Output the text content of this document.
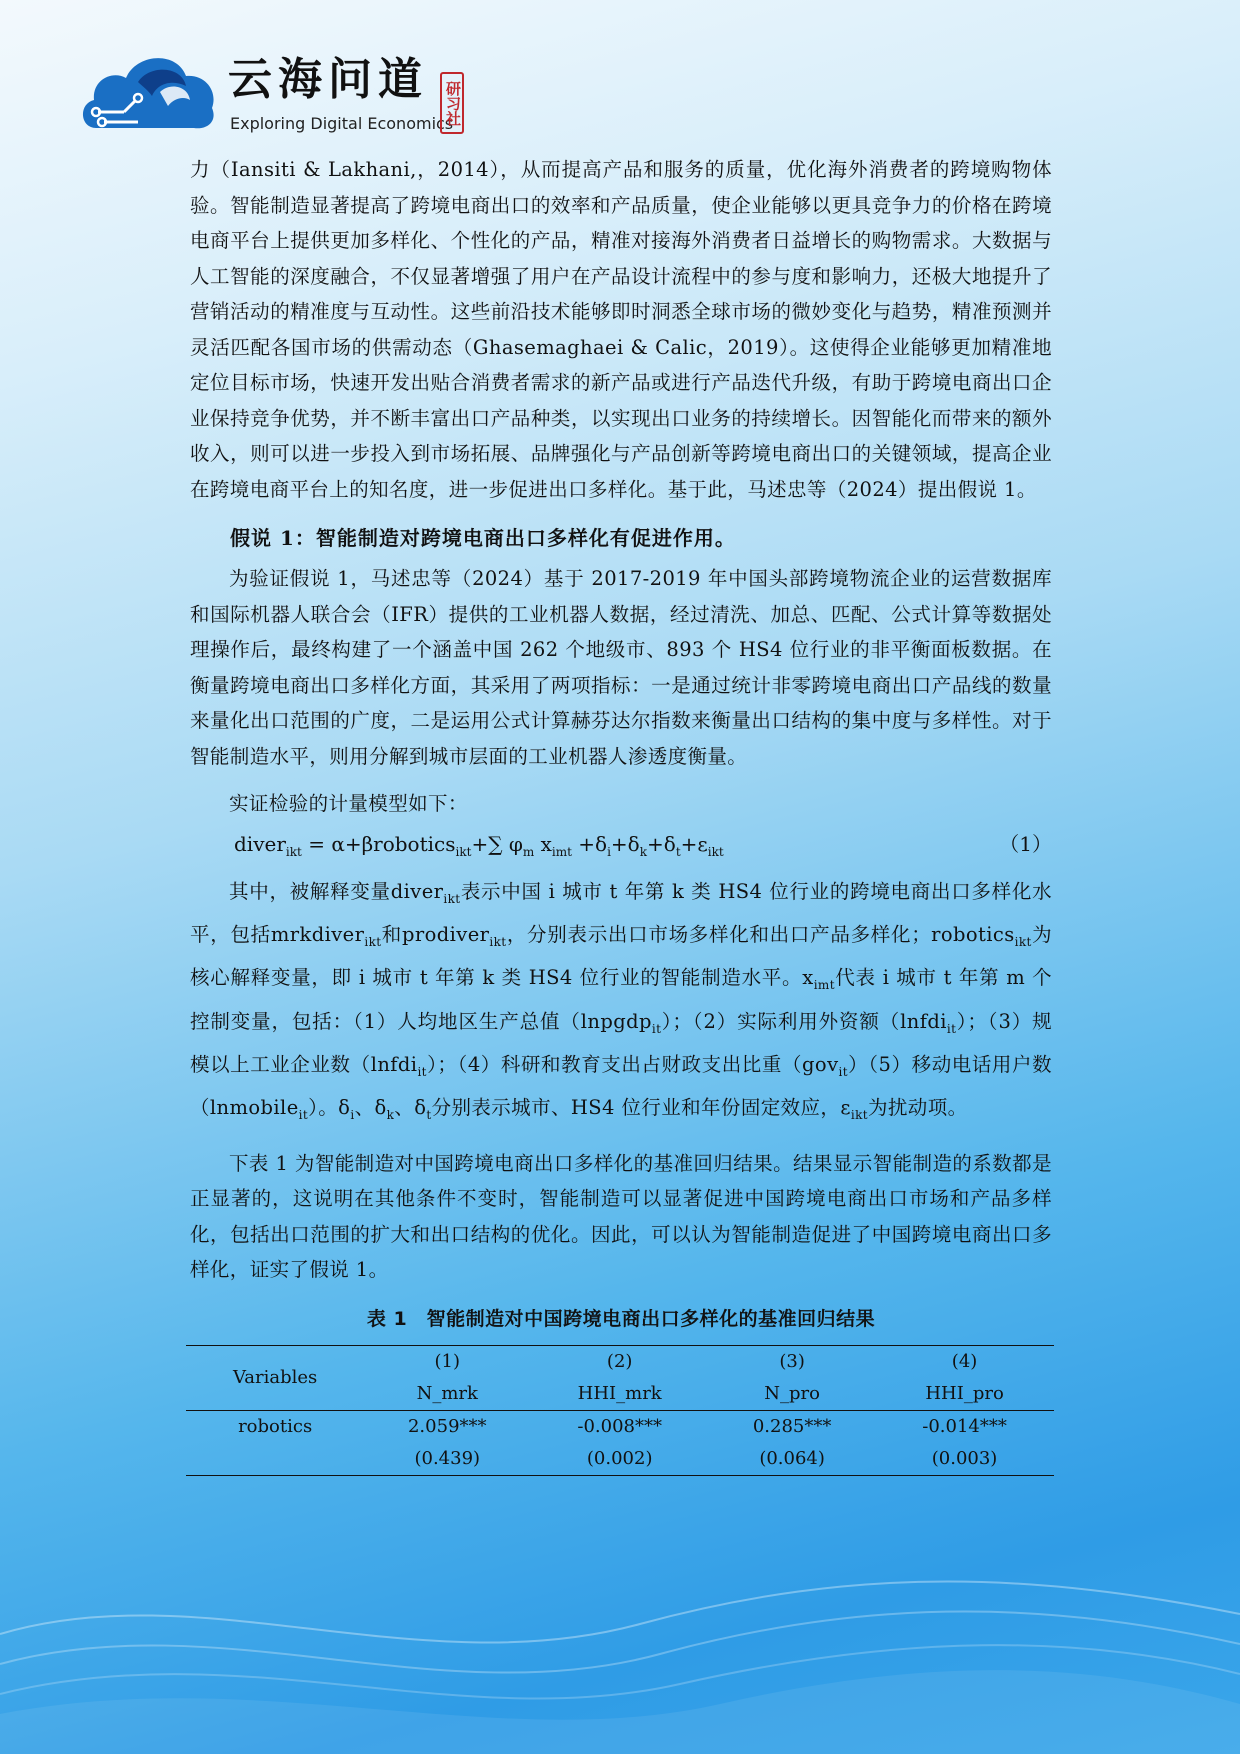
云海问道
Exploring Digital Economics
研习社

力（Iansiti & Lakhani,，2014），从而提高产品和服务的质量，优化海外消费者的跨境购物体验。智能制造显著提高了跨境电商出口的效率和产品质量，使企业能够以更具竞争力的价格在跨境电商平台上提供更加多样化、个性化的产品，精准对接海外消费者日益增长的购物需求。大数据与人工智能的深度融合，不仅显著增强了用户在产品设计流程中的参与度和影响力，还极大地提升了营销活动的精准度与互动性。这些前沿技术能够即时洞悉全球市场的微妙变化与趋势，精准预测并灵活匹配各国市场的供需动态（Ghasemaghaei & Calic，2019）。这使得企业能够更加精准地定位目标市场，快速开发出贴合消费者需求的新产品或进行产品迭代升级，有助于跨境电商出口企业保持竞争优势，并不断丰富出口产品种类，以实现出口业务的持续增长。因智能化而带来的额外收入，则可以进一步投入到市场拓展、品牌强化与产品创新等跨境电商出口的关键领域，提高企业在跨境电商平台上的知名度，进一步促进出口多样化。基于此，马述忠等（2024）提出假说 1。

假说 1：智能制造对跨境电商出口多样化有促进作用。

为验证假说 1，马述忠等（2024）基于 2017-2019 年中国头部跨境物流企业的运营数据库和国际机器人联合会（IFR）提供的工业机器人数据，经过清洗、加总、匹配、公式计算等数据处理操作后，最终构建了一个涵盖中国 262 个地级市、893 个 HS4 位行业的非平衡面板数据。在衡量跨境电商出口多样化方面，其采用了两项指标：一是通过统计非零跨境电商出口产品线的数量来量化出口范围的广度，二是运用公式计算赫芬达尔指数来衡量出口结构的集中度与多样性。对于智能制造水平，则用分解到城市层面的工业机器人渗透度衡量。

实证检验的计量模型如下：

diver$_{ikt}$ = α+βrobotics$_{ikt}$+∑ $\varphi_m$ $x_{imt} +\delta_i+\delta_k+\delta_t+\varepsilon_{ikt}$	（1）

其中，被解释变量diver$_{ikt}$表示中国 i 城市 t 年第 k 类 HS4 位行业的跨境电商出口多样化水平，包括mrkdiver$_{ikt}$和prodiver$_{ikt}$，分别表示出口市场多样化和出口产品多样化；robotics$_{ikt}$为核心解释变量，即 i 城市 t 年第 k 类 HS4 位行业的智能制造水平。$x_{imt}$代表 i 城市 t 年第 m 个控制变量，包括：（1）人均地区生产总值（lnpgdp$_{it}$）；（2）实际利用外资额（lnfdi$_{it}$）；（3）规模以上工业企业数（lnfdi$_{it}$）；（4）科研和教育支出占财政支出比重（gov$_{it}$）（5）移动电话用户数（lnmobile$_{it}$）。$\delta_i$、$\delta_k$、$\delta_t$分别表示城市、HS4 位行业和年份固定效应，$\varepsilon_{ikt}$为扰动项。

下表 1 为智能制造对中国跨境电商出口多样化的基准回归结果。结果显示智能制造的系数都是正显著的，这说明在其他条件不变时，智能制造可以显著促进中国跨境电商出口市场和产品多样化，包括出口范围的扩大和出口结构的优化。因此，可以认为智能制造促进了中国跨境电商出口多样化，证实了假说 1。

表 1　智能制造对中国跨境电商出口多样化的基准回归结果
Variables	(1)	(2)	(3)	(4)
	N_mrk	HHI_mrk	N_pro	HHI_pro
robotics	2.059***	-0.008***	0.285***	-0.014***
	(0.439)	(0.002)	(0.064)	(0.003)
